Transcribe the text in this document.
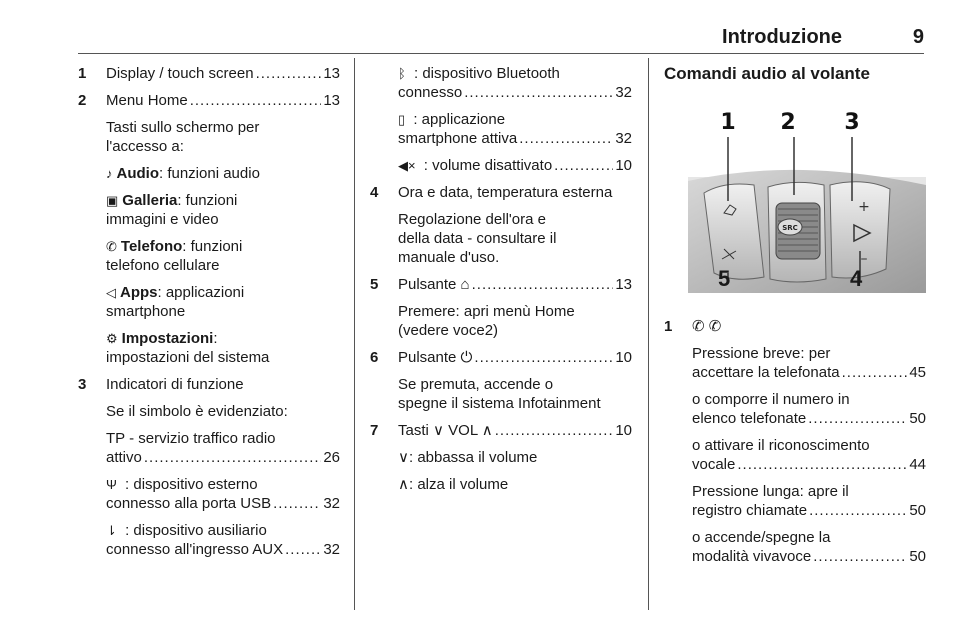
Introduzione	9
1 Display / touch screen .....	13
2 Menu Home .....	13
Tasti sullo schermo per
l'accesso a:
♪ Audio: funzioni audio
▣ Galleria: funzioni
immagini e video
✆ Telefono: funzioni
telefono cellulare
◁ Apps: applicazioni
smartphone
⚙ Impostazioni:
impostazioni del sistema
3 Indicatori di funzione
Se il simbolo è evidenziato:
TP - servizio traffico radio
attivo .....	26
Ψ : dispositivo esterno
connesso alla porta USB .....	32
⇂ : dispositivo ausiliario
connesso all'ingresso AUX .....	32
ᛒ : dispositivo Bluetooth
connesso .....	32
▯ : applicazione
smartphone attiva .....	32
◀× : volume disattivato .....	10
4 Ora e data, temperatura esterna
Regolazione dell'ora e
della data - consultare il
manuale d'uso.
5 Pulsante ⌂ .....	13
Premere: apri menù Home
(vedere voce2)
6 Pulsante ⏻ .....	10
Se premuta, accende o
spegne il sistema Infotainment
7 Tasti ∨ VOL ∧ .....	10
∨: abbassa il volume
∧: alza il volume
Comandi audio al volante
SRC
+
–
1 2 3
5	4
1 ✆ ✆
Pressione breve: per
accettare la telefonata .....	45
o comporre il numero in
elenco telefonate .....	50
o attivare il riconoscimento
vocale .....	44
Pressione lunga: apre il
registro chiamate .....	50
o accende/spegne la
modalità vivavoce .....	50
